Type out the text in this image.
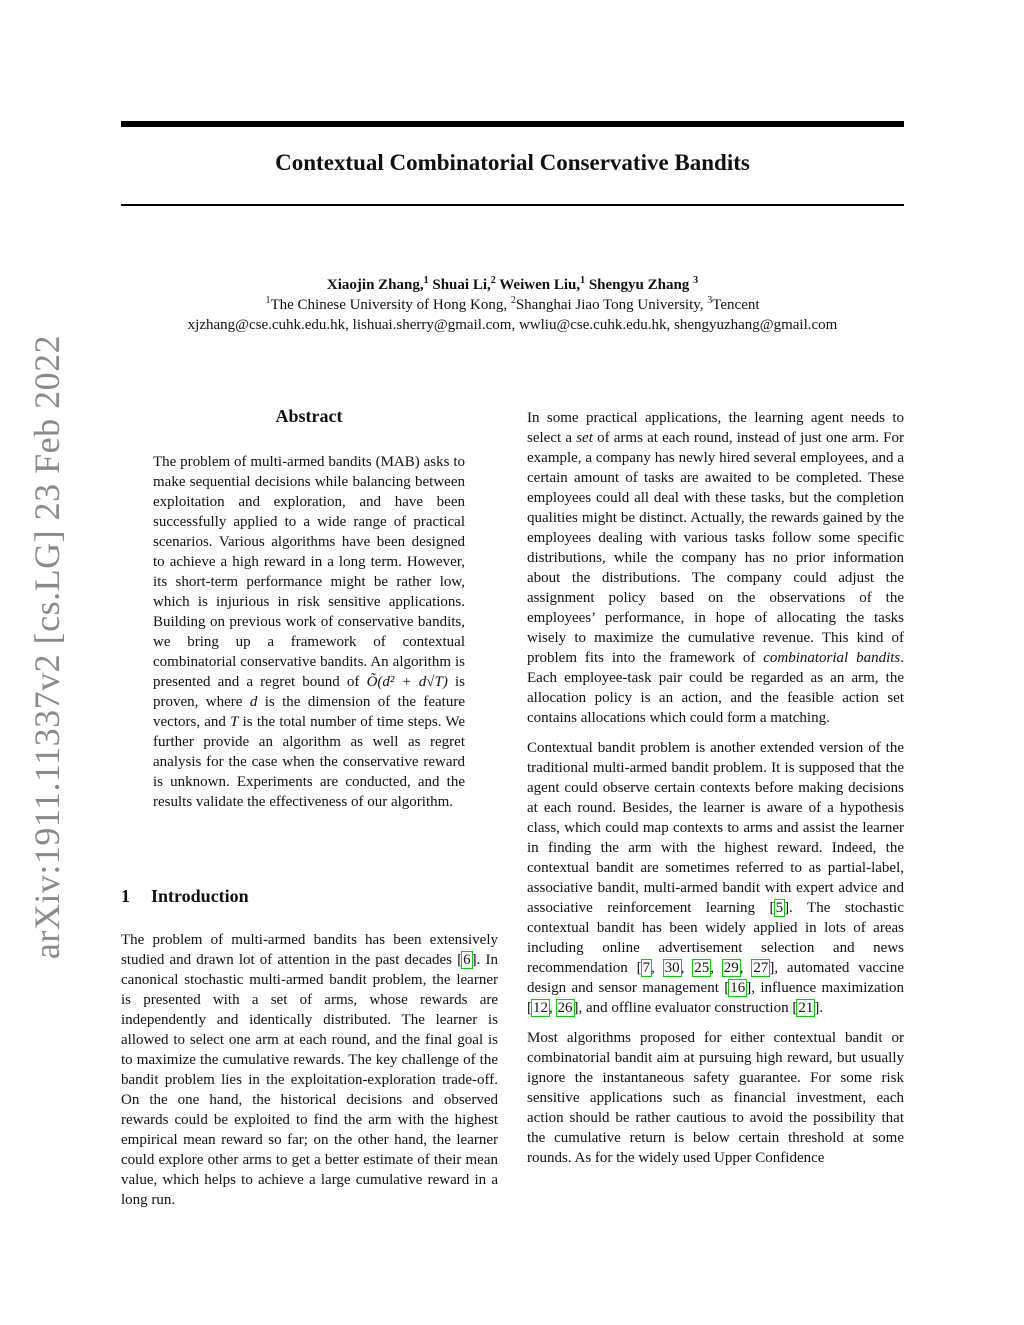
arXiv:1911.11337v2 [cs.LG] 23 Feb 2022
Contextual Combinatorial Conservative Bandits
Xiaojin Zhang,$^1$ Shuai Li,$^2$ Weiwen Liu,$^1$ Shengyu Zhang $^3$
$^1$The Chinese University of Hong Kong, $^2$Shanghai Jiao Tong University, $^3$Tencent
xjzhang@cse.cuhk.edu.hk, lishuai.sherry@gmail.com, wwliu@cse.cuhk.edu.hk, shengyuzhang@gmail.com
Abstract

The problem of multi-armed bandits (MAB) asks to make sequential decisions while balancing between exploitation and exploration, and have been successfully applied to a wide range of practical scenarios. Various algorithms have been designed to achieve a high reward in a long term. However, its short-term performance might be rather low, which is injurious in risk sensitive applications. Building on previous work of conservative bandits, we bring up a framework of contextual combinatorial conservative bandits. An algorithm is presented and a regret bound of Õ(d² + d√T) is proven, where d is the dimension of the feature vectors, and T is the total number of time steps. We further provide an algorithm as well as regret analysis for the case when the conservative reward is unknown. Experiments are conducted, and the results validate the effectiveness of our algorithm.

1 Introduction

The problem of multi-armed bandits has been extensively studied and drawn lot of attention in the past decades [6]. In canonical stochastic multi-armed bandit problem, the learner is presented with a set of arms, whose rewards are independently and identically distributed. The learner is allowed to select one arm at each round, and the final goal is to maximize the cumulative rewards. The key challenge of the bandit problem lies in the exploitation-exploration trade-off. On the one hand, the historical decisions and observed rewards could be exploited to find the arm with the highest empirical mean reward so far; on the other hand, the learner could explore other arms to get a better estimate of their mean value, which helps to achieve a large cumulative reward in a long run.

In some practical applications, the learning agent needs to select a set of arms at each round, instead of just one arm. For example, a company has newly hired several employees, and a certain amount of tasks are awaited to be completed. These employees could all deal with these tasks, but the completion qualities might be distinct. Actually, the rewards gained by the employees dealing with various tasks follow some specific distributions, while the company has no prior information about the distributions. The company could adjust the assignment policy based on the observations of the employees’ performance, in hope of allocating the tasks wisely to maximize the cumulative revenue. This kind of problem fits into the framework of combinatorial bandits. Each employee-task pair could be regarded as an arm, the allocation policy is an action, and the feasible action set contains allocations which could form a matching.

Contextual bandit problem is another extended version of the traditional multi-armed bandit problem. It is supposed that the agent could observe certain contexts before making decisions at each round. Besides, the learner is aware of a hypothesis class, which could map contexts to arms and assist the learner in finding the arm with the highest reward. Indeed, the contextual bandit are sometimes referred to as partial-label, associative bandit, multi-armed bandit with expert advice and associative reinforcement learning [5]. The stochastic contextual bandit has been widely applied in lots of areas including online advertisement selection and news recommendation [7, 30, 25, 29, 27], automated vaccine design and sensor management [16], influence maximization [12, 26], and offline evaluator construction [21].

Most algorithms proposed for either contextual bandit or combinatorial bandit aim at pursuing high reward, but usually ignore the instantaneous safety guarantee. For some risk sensitive applications such as financial investment, each action should be rather cautious to avoid the possibility that the cumulative return is below certain threshold at some rounds. As for the widely used Upper Confidence
